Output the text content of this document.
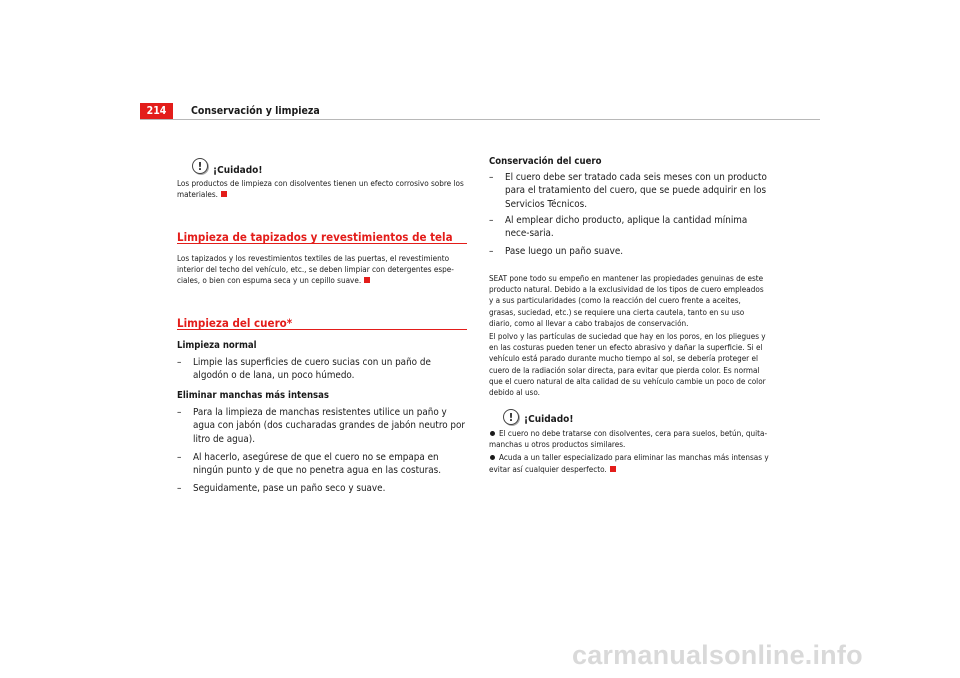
214	Conservación y limpieza
!	¡Cuidado!
Los productos de limpieza con disolventes tienen un efecto corrosivo sobre los materiales.
Limpieza de tapizados y revestimientos de tela
Los tapizados y los revestimientos textiles de las puertas, el revestimiento interior del techo del vehículo, etc., se deben limpiar con detergentes espe-ciales, o bien con espuma seca y un cepillo suave.
Limpieza del cuero*
Limpieza normal
– Limpie las superficies de cuero sucias con un paño de algodón o de lana, un poco húmedo.
Eliminar manchas más intensas
– Para la limpieza de manchas resistentes utilice un paño y agua con jabón (dos cucharadas grandes de jabón neutro por litro de agua).
– Al hacerlo, asegúrese de que el cuero no se empapa en ningún punto y de que no penetra agua en las costuras.
– Seguidamente, pase un paño seco y suave.
Conservación del cuero
– El cuero debe ser tratado cada seis meses con un producto para el tratamiento del cuero, que se puede adquirir en los Servicios Técnicos.
– Al emplear dicho producto, aplique la cantidad mínima nece-saria.
– Pase luego un paño suave.
SEAT pone todo su empeño en mantener las propiedades genuinas de este producto natural. Debido a la exclusividad de los tipos de cuero empleados y a sus particularidades (como la reacción del cuero frente a aceites, grasas, suciedad, etc.) se requiere una cierta cautela, tanto en su uso diario, como al llevar a cabo trabajos de conservación.
El polvo y las partículas de suciedad que hay en los poros, en los pliegues y en las costuras pueden tener un efecto abrasivo y dañar la superficie. Si el vehículo está parado durante mucho tiempo al sol, se debería proteger el cuero de la radiación solar directa, para evitar que pierda color. Es normal que el cuero natural de alta calidad de su vehículo cambie un poco de color debido al uso.
!	¡Cuidado!
El cuero no debe tratarse con disolventes, cera para suelos, betún, quita-manchas u otros productos similares.
Acuda a un taller especializado para eliminar las manchas más intensas y evitar así cualquier desperfecto.
carmanualsonline.info
